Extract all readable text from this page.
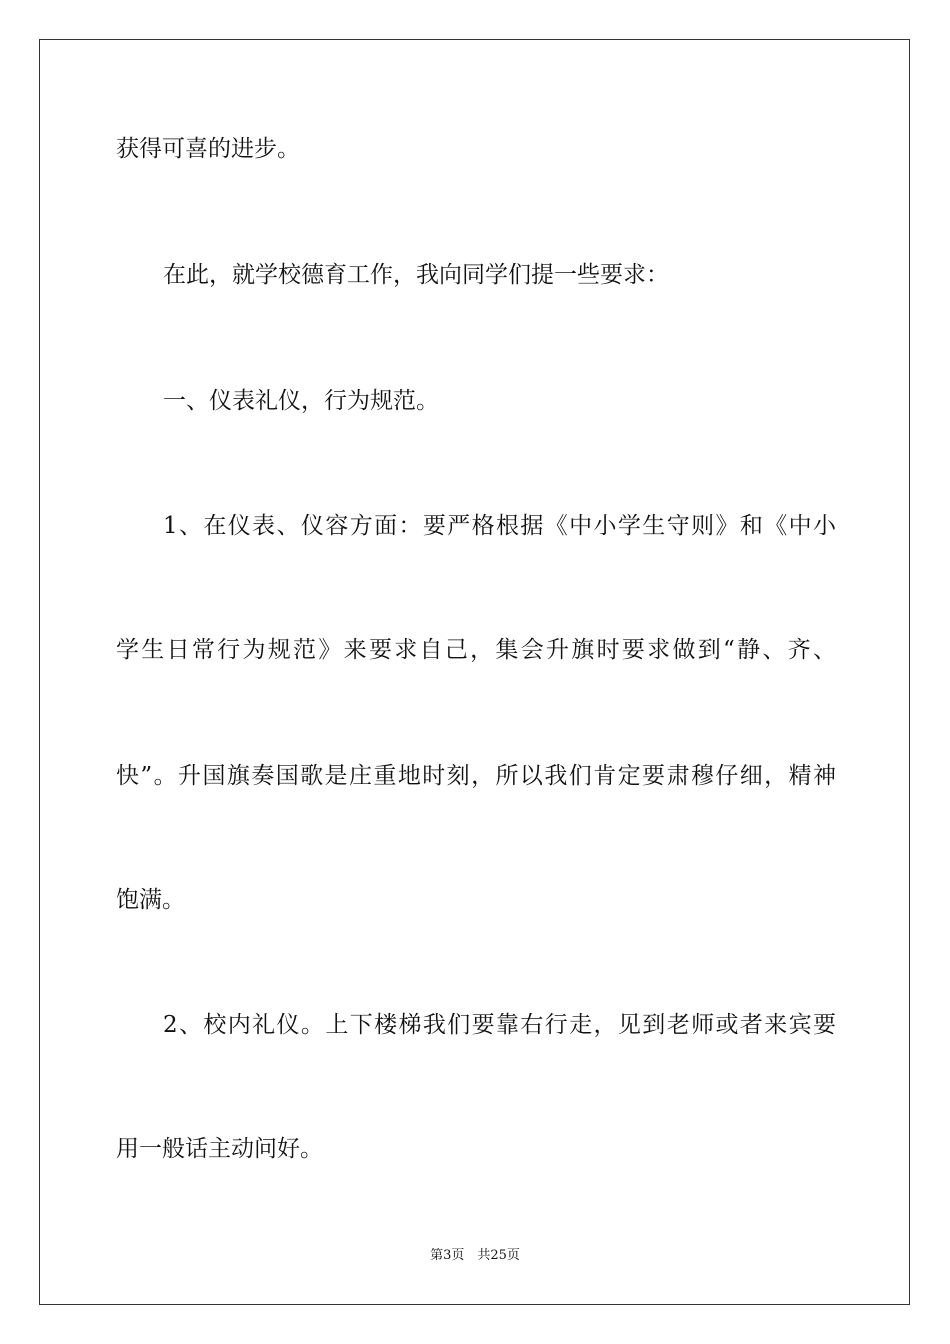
获得可喜的进步。
在此，就学校德育工作，我向同学们提一些要求：
一、仪表礼仪，行为规范。
1、在仪表、仪容方面：要严格根据《中小学生守则》和《中小
学生日常行为规范》来要求自己，集会升旗时要求做到“静、齐、
快”。升国旗奏国歌是庄重地时刻，所以我们肯定要肃穆仔细，精神
饱满。
2、校内礼仪。上下楼梯我们要靠右行走，见到老师或者来宾要
用一般话主动问好。
第3页　共25页
